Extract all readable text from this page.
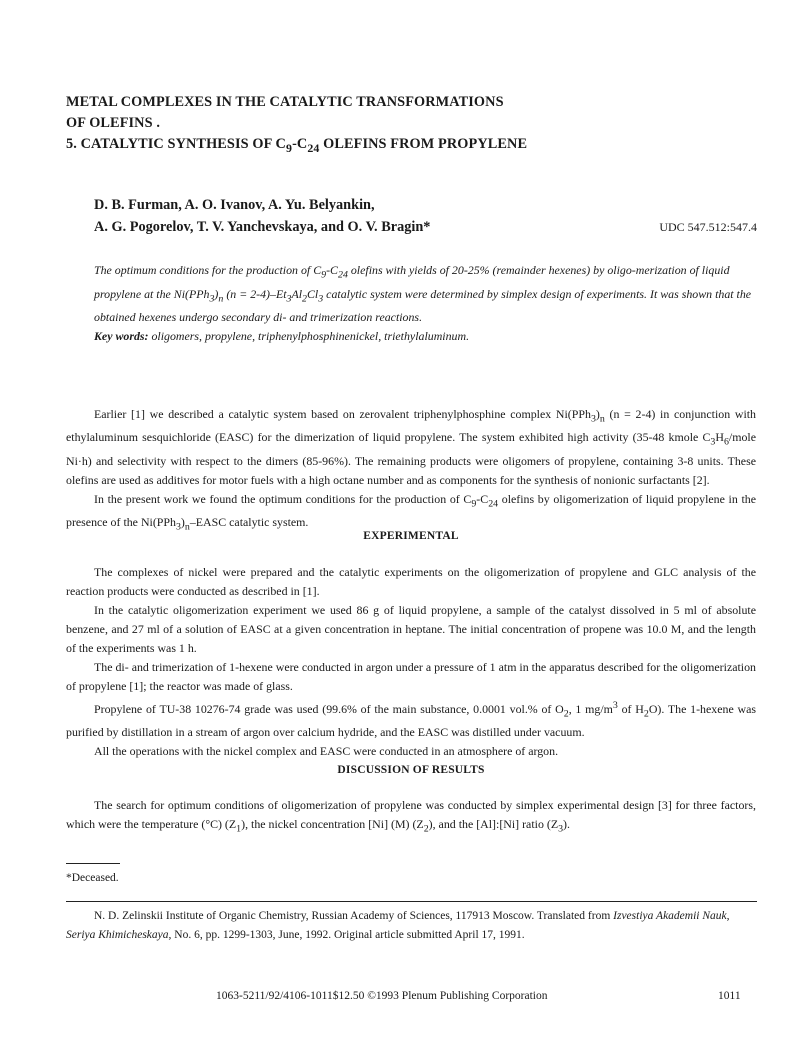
METAL COMPLEXES IN THE CATALYTIC TRANSFORMATIONS
OF OLEFINS .
5. CATALYTIC SYNTHESIS OF $C_9-C_{24}$ OLEFINS FROM PROPYLENE
D. B. Furman, A. O. Ivanov, A. Yu. Belyankin,
A. G. Pogorelov, T. V. Yanchevskaya, and O. V. Bragin*	UDC 547.512:547.4
The optimum conditions for the production of $C_9-C_{24}$ olefins with yields of 20-25% (remainder hexenes) by oligo-merization of liquid propylene at the $Ni(PPh_3)_n$ $(n = 2-4)-Et_3Al_2Cl_3$ catalytic system were determined by simplex design of experiments. It was shown that the obtained hexenes undergo secondary di- and trimerization reactions.
Key words: oligomers, propylene, triphenylphosphinenickel, triethylaluminum.

Earlier [1] we described a catalytic system based on zerovalent triphenylphosphine complex $Ni(PPh_3)_n$ (n = 2-4) in conjunction with ethylaluminum sesquichloride (EASC) for the dimerization of liquid propylene. The system exhibited high activity (35-48 kmole $C_3H_6$/mole Ni·h) and selectivity with respect to the dimers (85-96%). The remaining products were oligomers of propylene, containing 3-8 units. These olefins are used as additives for motor fuels with a high octane number and as components for the synthesis of nonionic surfactants [2].

In the present work we found the optimum conditions for the production of $C_9-C_{24}$ olefins by oligomerization of liquid propylene in the presence of the $Ni(PPh_3)_n$–EASC catalytic system.

EXPERIMENTAL

The complexes of nickel were prepared and the catalytic experiments on the oligomerization of propylene and GLC analysis of the reaction products were conducted as described in [1].

In the catalytic oligomerization experiment we used 86 g of liquid propylene, a sample of the catalyst dissolved in 5 ml of absolute benzene, and 27 ml of a solution of EASC at a given concentration in heptane. The initial concentration of propene was 10.0 M, and the length of the experiments was 1 h.

The di- and trimerization of 1-hexene were conducted in argon under a pressure of 1 atm in the apparatus described for the oligomerization of propylene [1]; the reactor was made of glass.

Propylene of TU-38 10276-74 grade was used (99.6% of the main substance, 0.0001 vol.% of $O_2$, 1 $mg/m^3$ of $H_2O$). The 1-hexene was purified by distillation in a stream of argon over calcium hydride, and the EASC was distilled under vacuum.

All the operations with the nickel complex and EASC were conducted in an atmosphere of argon.

DISCUSSION OF RESULTS

The search for optimum conditions of oligomerization of propylene was conducted by simplex experimental design [3] for three factors, which were the temperature (°C) $(Z_1)$, the nickel concentration [Ni] (M) $(Z_2)$, and the [Al]:[Ni] ratio $(Z_3)$.

*Deceased.

N. D. Zelinskii Institute of Organic Chemistry, Russian Academy of Sciences, 117913 Moscow. Translated from Izvestiya Akademii Nauk, Seriya Khimicheskaya, No. 6, pp. 1299-1303, June, 1992. Original article submitted April 17, 1991.

1063-5211/92/4106-1011$12.50 ©1993 Plenum Publishing Corporation	1011
